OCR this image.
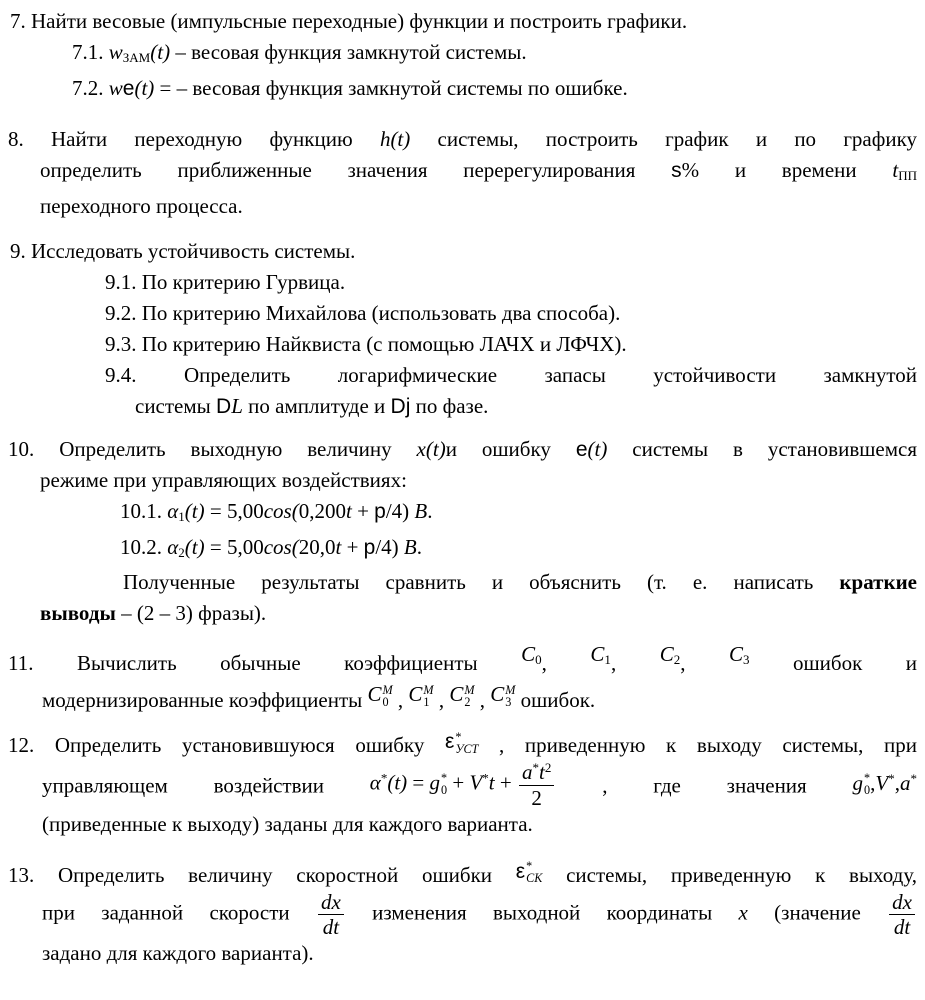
7. Найти весовые (импульсные переходные) функции и построить графики.
7.1. $w_{ЗАМ}(t)$ – весовая функция замкнутой системы.
7.2. wе(t) = – весовая функция замкнутой системы по ошибке.
8. Найти переходную функцию h(t) системы, построить график и по графику
определить приближенные значения перерегулирования s% и времени $t_{ПП}$
переходного процесса.
9. Исследовать устойчивость системы.
9.1. По критерию Гурвица.
9.2. По критерию Михайлова (использовать два способа).
9.3. По критерию Найквиста (с помощью ЛАЧХ и ЛФЧХ).
9.4. Определить логарифмические запасы устойчивости замкнутой
системы DL по амплитуде и Dj по фазе.
10. Определить выходную величину x(t)и ошибку е(t) системы в установившемся
режиме при управляющих воздействиях:
10.1. $\alpha_1(t) = 5,00\cos(0,200t + p/4)$ В.
10.2. $\alpha_2(t) = 5,00\cos(20,0t + p/4)$ В.
Полученные результаты сравнить и объяснить (т. е. написать краткие
выводы – (2 – 3) фразы).
11. Вычислить обычные коэффициенты $C_0$, $C_1$, $C_2$, $C_3$ ошибок и
модернизированные коэффициенты C M
0 , C M
1 , C M
2 , C M
3 ошибок.
12. Определить установившуюся ошибку ε *
УСТ , приведенную к выходу системы, при
управляющем воздействии α*(t) = g *
$0 + V^*t + \frac{a^*t^2}{2}$ , где значения g *
0 ,V*,a*
(приведенные к выходу) заданы для каждого варианта.
13. Определить величину скоростной ошибки ε *
СК системы, приведенную к выходу,
при заданной скорости $\frac{dx}{dt}$ изменения выходной координаты x (значение $\frac{dx}{dt}$
задано для каждого варианта).
